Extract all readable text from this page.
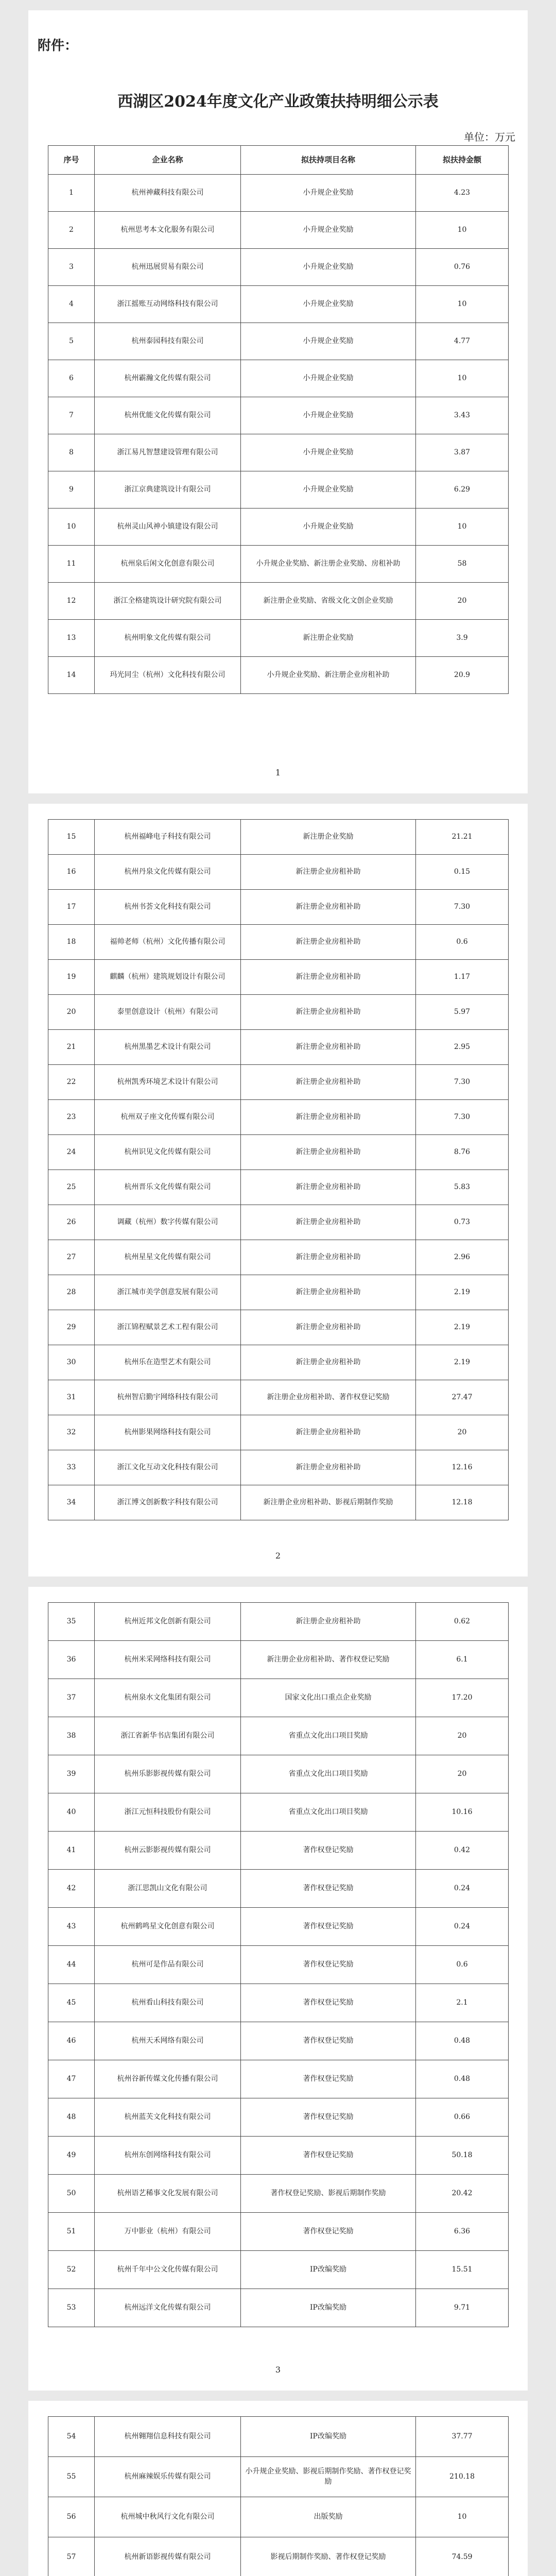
附件：
西湖区2024年度文化产业政策扶持明细公示表
单位：万元
序号	企业名称	拟扶持项目名称	拟扶持金额
1	杭州神藏科技有限公司	小升规企业奖励	4.23
2	杭州思考本文化服务有限公司	小升规企业奖励	10
3	杭州迅展贸易有限公司	小升规企业奖励	0.76
4	浙江摇账互动网络科技有限公司	小升规企业奖励	10
5	杭州泰园科技有限公司	小升规企业奖励	4.77
6	杭州霸瀚文化传媒有限公司	小升规企业奖励	10
7	杭州优能文化传媒有限公司	小升规企业奖励	3.43
8	浙江易凡智慧建设管理有限公司	小升规企业奖励	3.87
9	浙江京典建筑设计有限公司	小升规企业奖励	6.29
10	杭州灵山风神小镇建设有限公司	小升规企业奖励	10
11	杭州泉后闲文化创意有限公司	小升规企业奖励、新注册企业奖励、房租补助	58
12	浙江全格建筑设计研究院有限公司	新注册企业奖励、省级文化文创企业奖励	20
13	杭州明象文化传媒有限公司	新注册企业奖励	3.9
14	玛光同尘（杭州）文化科技有限公司	小升规企业奖励、新注册企业房租补助	20.9
1
15	杭州福峰电子科技有限公司	新注册企业奖励	21.21
16	杭州丹泉文化传媒有限公司	新注册企业房租补助	0.15
17	杭州书荟文化科技有限公司	新注册企业房租补助	7.30
18	福帅老师（杭州）文化传播有限公司	新注册企业房租补助	0.6
19	麒麟（杭州）建筑规划设计有限公司	新注册企业房租补助	1.17
20	泰里创意设计（杭州）有限公司	新注册企业房租补助	5.97
21	杭州黑墨艺术设计有限公司	新注册企业房租补助	2.95
22	杭州凯秀环境艺术设计有限公司	新注册企业房租补助	7.30
23	杭州双子座文化传媒有限公司	新注册企业房租补助	7.30
24	杭州识见文化传媒有限公司	新注册企业房租补助	8.76
25	杭州晋乐文化传媒有限公司	新注册企业房租补助	5.83
26	调藏（杭州）数字传媒有限公司	新注册企业房租补助	0.73
27	杭州星星文化传媒有限公司	新注册企业房租补助	2.96
28	浙江城市美学创意发展有限公司	新注册企业房租补助	2.19
29	浙江锦程赋景艺术工程有限公司	新注册企业房租补助	2.19
30	杭州乐在造型艺术有限公司	新注册企业房租补助	2.19
31	杭州智启勤宇网络科技有限公司	新注册企业房租补助、著作权登记奖励	27.47
32	杭州影果网络科技有限公司	新注册企业房租补助	20
33	浙江文化互动文化科技有限公司	新注册企业房租补助	12.16
34	浙江博文创新数字科技有限公司	新注册企业房租补助、影视后期制作奖励	12.18
2
35	杭州近邦文化创新有限公司	新注册企业房租补助	0.62
36	杭州米采网络科技有限公司	新注册企业房租补助、著作权登记奖励	6.1
37	杭州泉水文化集团有限公司	国家文化出口重点企业奖励	17.20
38	浙江省新华书店集团有限公司	省重点文化出口项目奖励	20
39	杭州乐影影视传媒有限公司	省重点文化出口项目奖励	20
40	浙江元恒科技股份有限公司	省重点文化出口项目奖励	10.16
41	杭州云影影视传媒有限公司	著作权登记奖励	0.42
42	浙江思凯山文化有限公司	著作权登记奖励	0.24
43	杭州鹤鸣星文化创意有限公司	著作权登记奖励	0.24
44	杭州可是作品有限公司	著作权登记奖励	0.6
45	杭州看山科技有限公司	著作权登记奖励	2.1
46	杭州天禾网络有限公司	著作权登记奖励	0.48
47	杭州谷新传媒文化传播有限公司	著作权登记奖励	0.48
48	杭州蓝芙文化科技有限公司	著作权登记奖励	0.66
49	杭州东创网络科技有限公司	著作权登记奖励	50.18
50	杭州语艺稀事文化发展有限公司	著作权登记奖励、影视后期制作奖励	20.42
51	万中影业（杭州）有限公司	著作权登记奖励	6.36
52	杭州千年中公文化传媒有限公司	IP改编奖励	15.51
53	杭州远洋文化传媒有限公司	IP改编奖励	9.71
3
54	杭州翱翔信息科技有限公司	IP改编奖励	37.77
55	杭州麻辣娱乐传媒有限公司	小升规企业奖励、影视后期制作奖励、著作权登记奖励	210.18
56	杭州城中秋风行文化有限公司	出版奖励	10
57	杭州新语影视传媒有限公司	影视后期制作奖励、著作权登记奖励	74.59
